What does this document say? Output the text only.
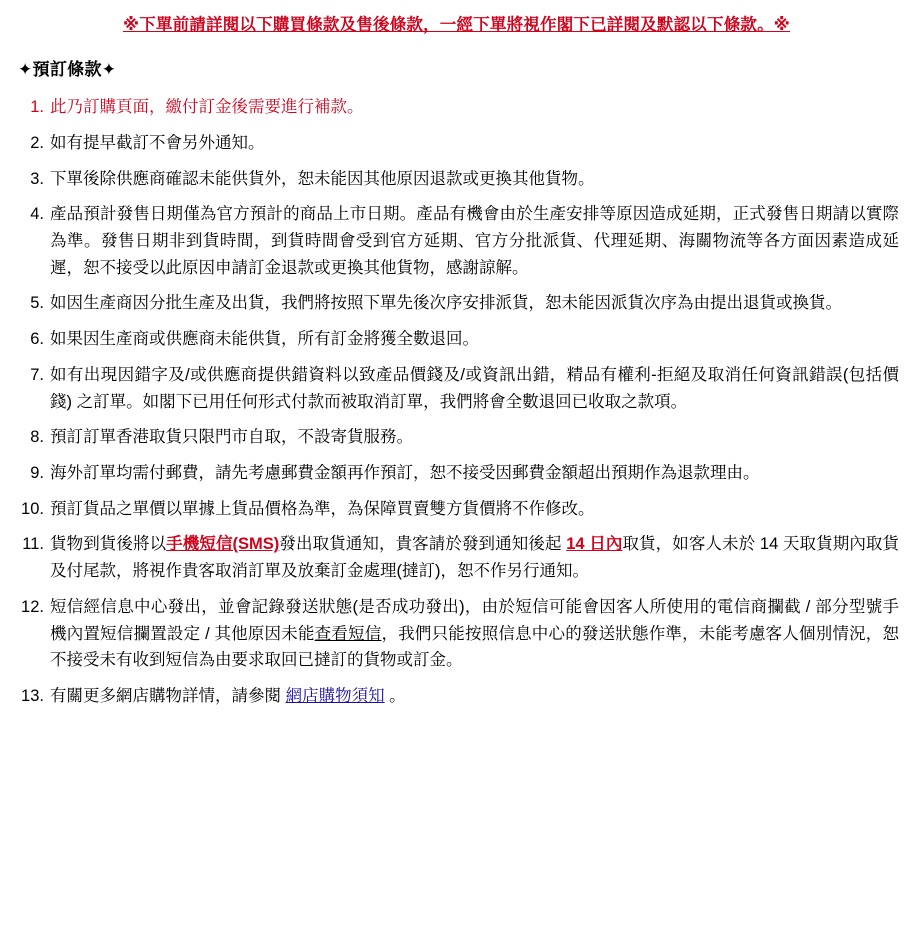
※下單前請詳閱以下購買條款及售後條款，一經下單將視作閣下已詳閱及默認以下條款。※
✦預訂條款✦
此乃訂購頁面，繳付訂金後需要進行補款。
如有提早截訂不會另外通知。
下單後除供應商確認未能供貨外，恕未能因其他原因退款或更換其他貨物。
產品預計發售日期僅為官方預計的商品上市日期。產品有機會由於生產安排等原因造成延期，正式發售日期請以實際為準。發售日期非到貨時間，到貨時間會受到官方延期、官方分批派貨、代理延期、海關物流等各方面因素造成延遲，恕不接受以此原因申請訂金退款或更換其他貨物，感謝諒解。
如因生產商因分批生產及出貨，我們將按照下單先後次序安排派貨，恕未能因派貨次序為由提出退貨或換貨。
如果因生產商或供應商未能供貨，所有訂金將獲全數退回。
如有出現因錯字及/或供應商提供錯資料以致產品價錢及/或資訊出錯，精品有權利-拒絕及取消任何資訊錯誤(包括價錢) 之訂單。如閣下已用任何形式付款而被取消訂單，我們將會全數退回已收取之款項。
預訂訂單香港取貨只限門市自取，不設寄貨服務。
海外訂單均需付郵費，請先考慮郵費金額再作預訂，恕不接受因郵費金額超出預期作為退款理由。
預訂貨品之單價以單據上貨品價格為準，為保障買賣雙方貨價將不作修改。
貨物到貨後將以手機短信(SMS)發出取貨通知，貴客請於發到通知後起 14 日內取貨，如客人未於 14 天取貨期內取貨及付尾款，將視作貴客取消訂單及放棄訂金處理(撻訂)，恕不作另行通知。
短信經信息中心發出，並會記錄發送狀態(是否成功發出)，由於短信可能會因客人所使用的電信商攔截 / 部分型號手機內置短信攔置設定 / 其他原因未能查看短信，我們只能按照信息中心的發送狀態作準，未能考慮客人個別情況，恕不接受未有收到短信為由要求取回已撻訂的貨物或訂金。
有關更多網店購物詳情，請參閱 網店購物須知 。
